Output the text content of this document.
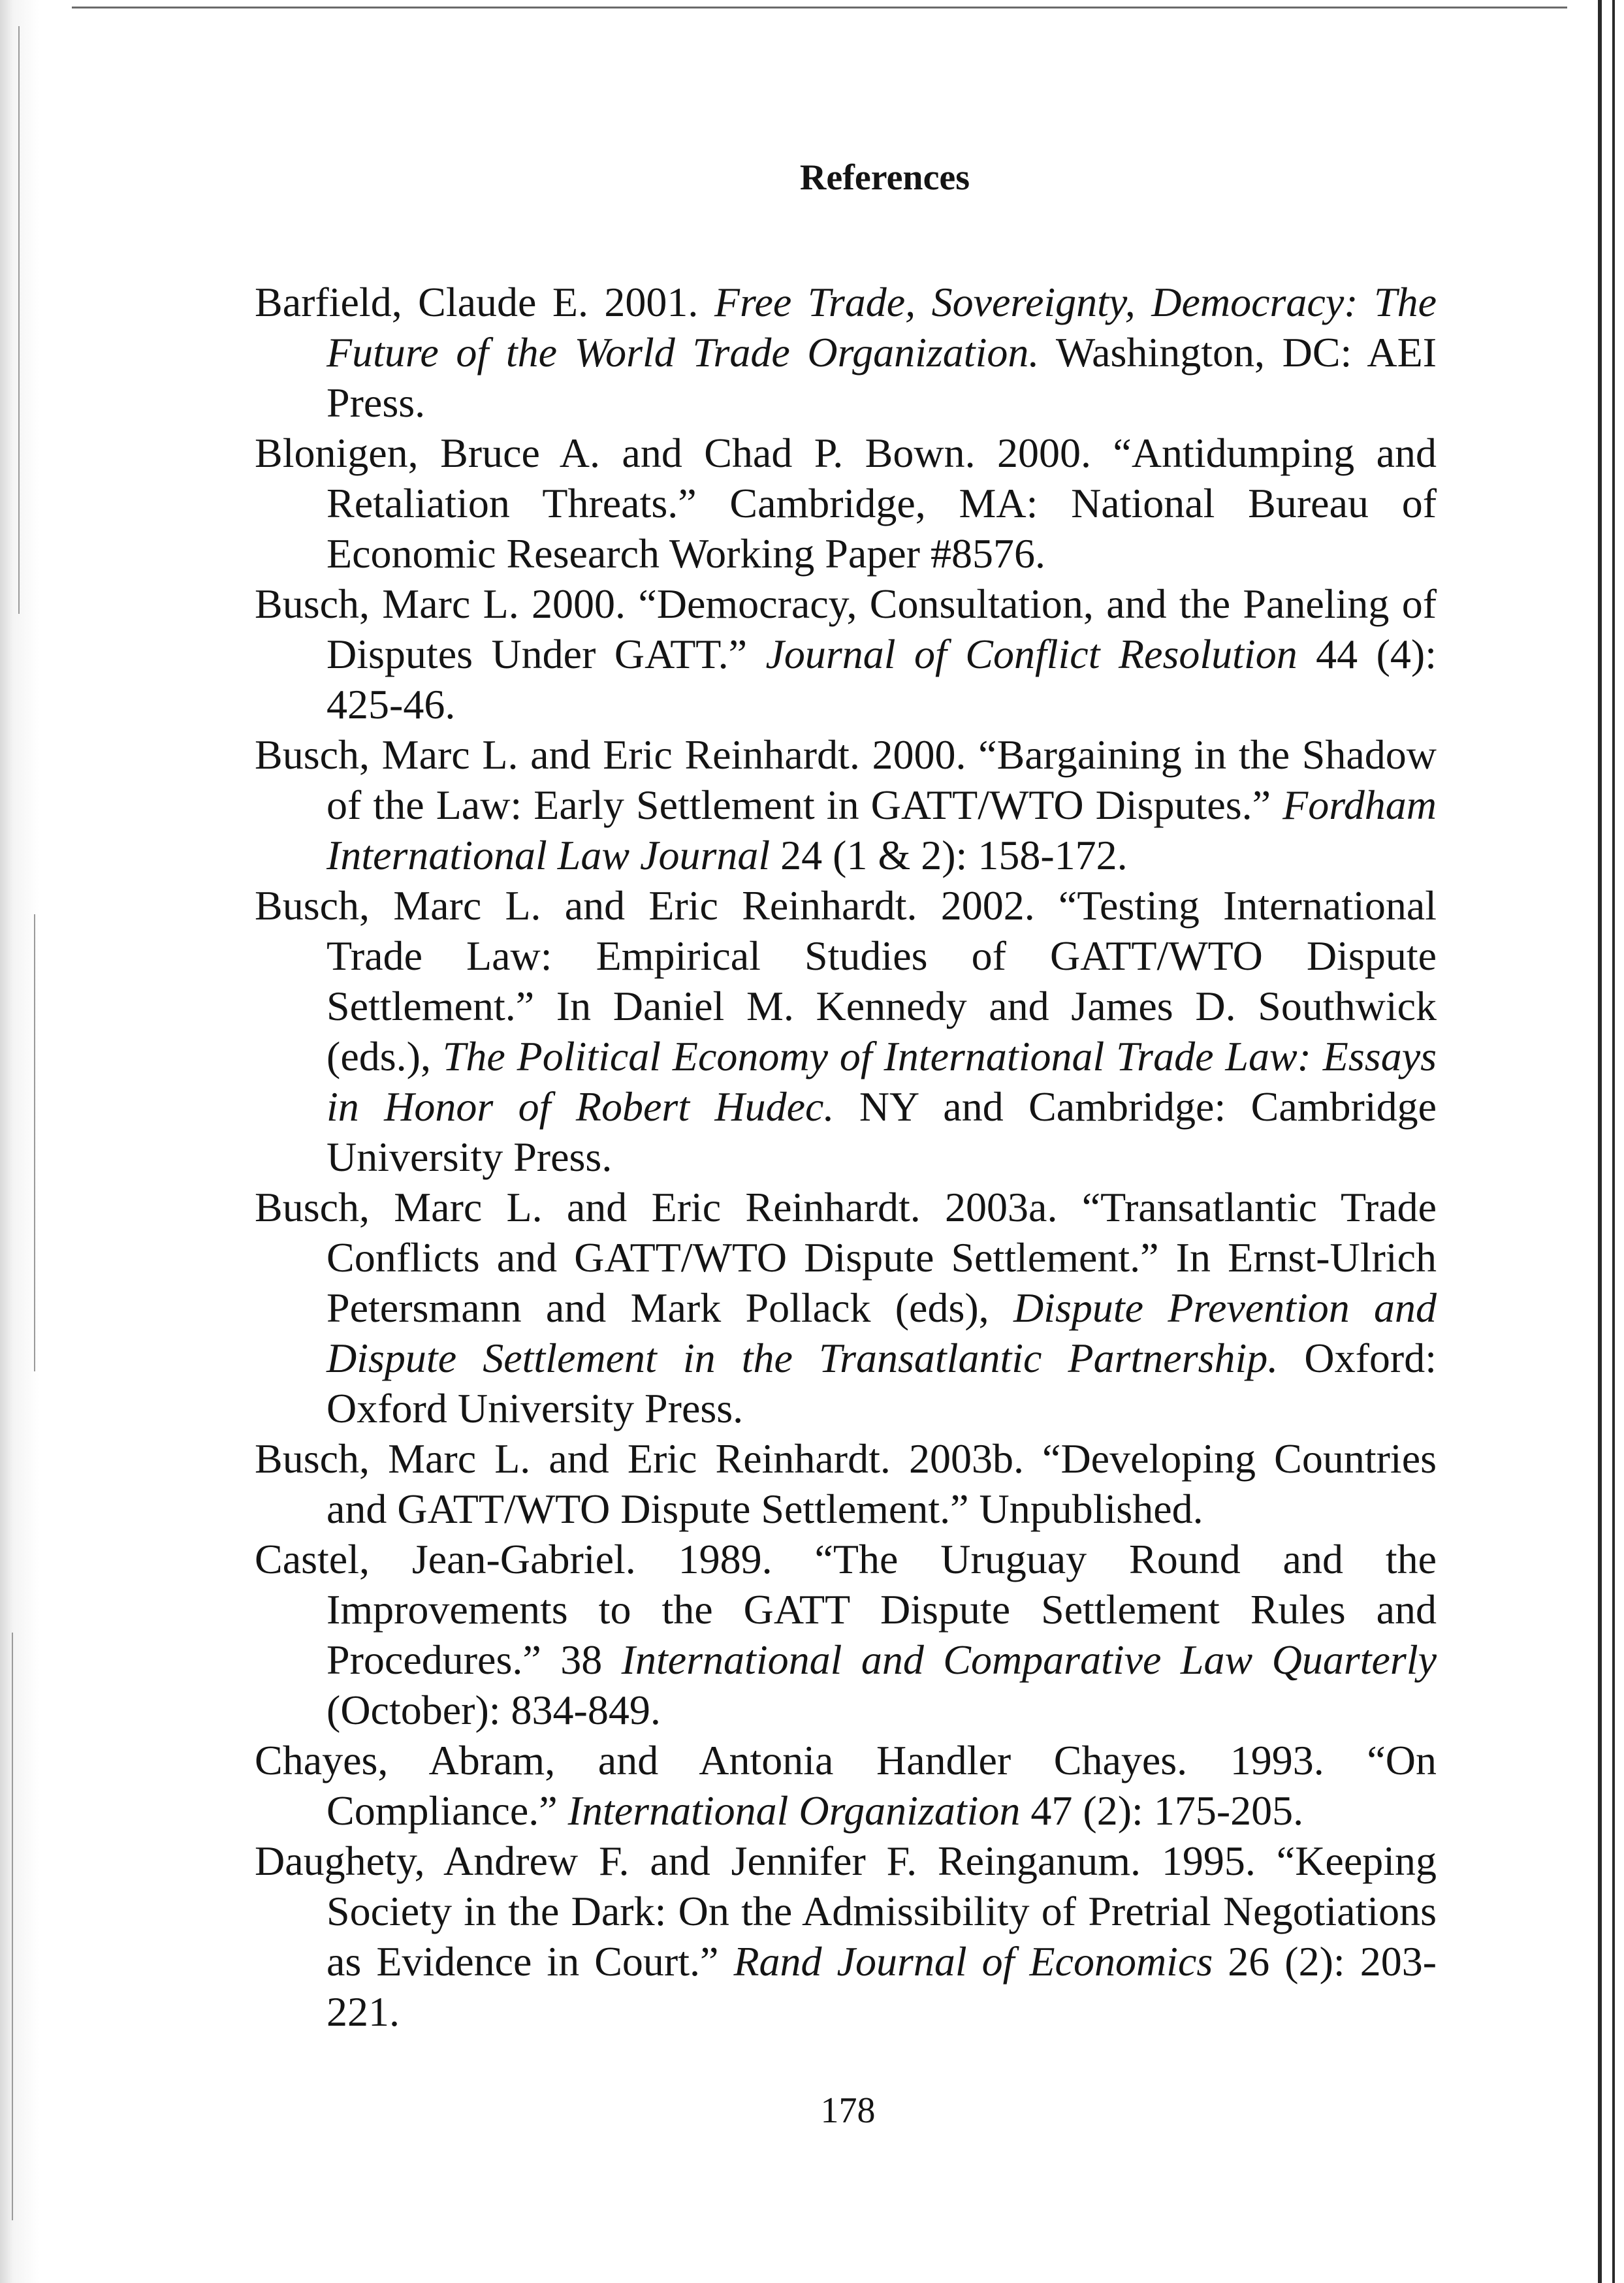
References

Barfield, Claude E. 2001. Free Trade, Sovereignty, Democracy: The Future of the World Trade Organization. Washington, DC: AEI Press.

Blonigen, Bruce A. and Chad P. Bown. 2000. “Antidumping and Retaliation Threats.” Cambridge, MA: National Bureau of Economic Research Working Paper #8576.

Busch, Marc L. 2000. “Democracy, Consultation, and the Paneling of Disputes Under GATT.” Journal of Conflict Resolution 44 (4): 425-46.

Busch, Marc L. and Eric Reinhardt. 2000. “Bargaining in the Shadow of the Law: Early Settlement in GATT/WTO Disputes.” Fordham International Law Journal 24 (1 & 2): 158-172.

Busch, Marc L. and Eric Reinhardt. 2002. “Testing International Trade Law: Empirical Studies of GATT/WTO Dispute Settlement.” In Daniel M. Kennedy and James D. Southwick (eds.), The Political Economy of International Trade Law: Essays in Honor of Robert Hudec. NY and Cambridge: Cambridge University Press.

Busch, Marc L. and Eric Reinhardt. 2003a. “Transatlantic Trade Conflicts and GATT/WTO Dispute Settlement.” In Ernst-Ulrich Petersmann and Mark Pollack (eds), Dispute Prevention and Dispute Settlement in the Transatlantic Partnership. Oxford: Oxford University Press.

Busch, Marc L. and Eric Reinhardt. 2003b. “Developing Countries and GATT/WTO Dispute Settlement.” Unpublished.

Castel, Jean-Gabriel. 1989. “The Uruguay Round and the Improvements to the GATT Dispute Settlement Rules and Procedures.” 38 International and Comparative Law Quarterly (October): 834-849.

Chayes, Abram, and Antonia Handler Chayes. 1993. “On Compliance.” International Organization 47 (2): 175-205.

Daughety, Andrew F. and Jennifer F. Reinganum. 1995. “Keeping Society in the Dark: On the Admissibility of Pretrial Negotiations as Evidence in Court.” Rand Journal of Economics 26 (2): 203-221.

178
